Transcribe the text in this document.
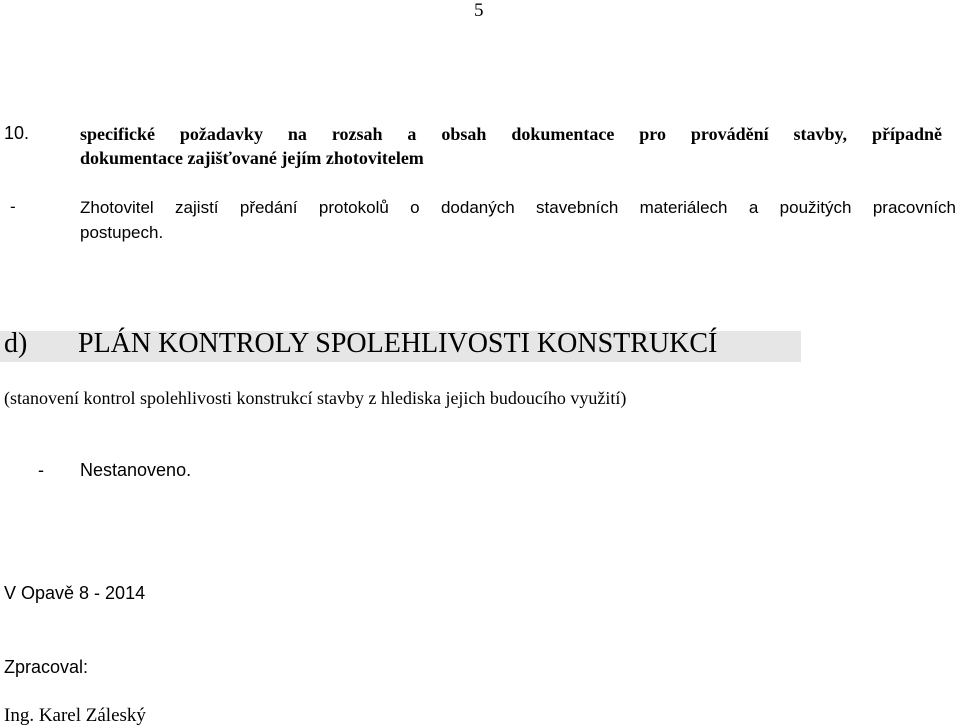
5
10.	specifické požadavky na rozsah a obsah dokumentace pro provádění stavby, případně
dokumentace zajišťované jejím zhotovitelem
-	Zhotovitel zajistí předání protokolů o dodaných stavebních materiálech a použitých pracovních
postupech.
d) PLÁN KONTROLY SPOLEHLIVOSTI KONSTRUKCÍ
(stanovení kontrol spolehlivosti konstrukcí stavby z hlediska jejich budoucího využití)
- Nestanoveno.
V Opavě 8 - 2014
Zpracoval:
Ing. Karel Záleský
